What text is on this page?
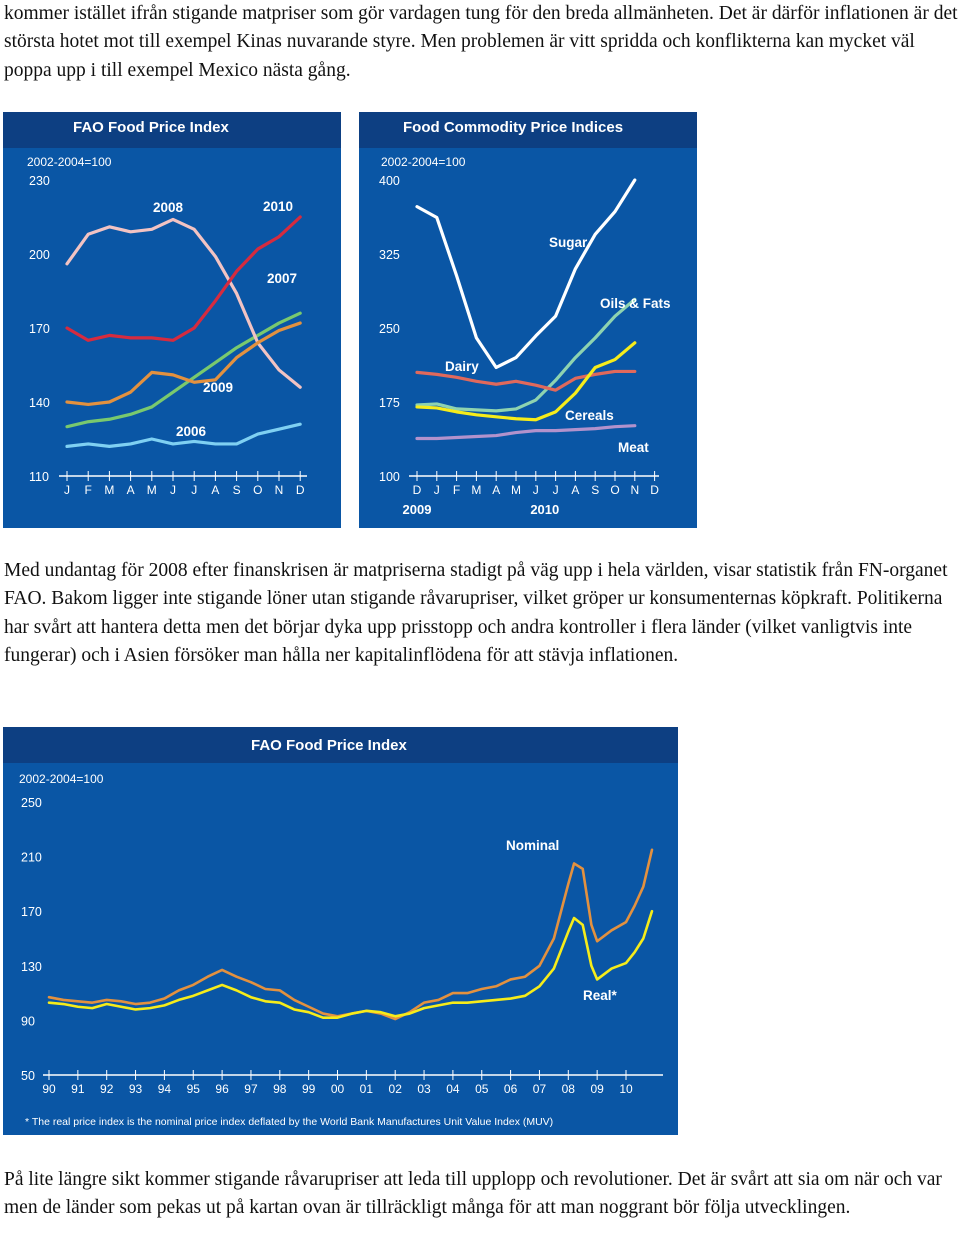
kommer istället ifrån stigande matpriser som gör vardagen tung för den breda allmänheten. Det är därför inflationen är det största hotet mot till exempel Kinas nuvarande styre. Men problemen är vitt spridda och konflikterna kan mycket väl poppa upp i till exempel Mexico nästa gång.

FAO Food Price Index
2002-2004=100
110
140
170
200
230
J F M A M J J A S O N D
2008	2010
2007
2009
2006
Food Commodity Price Indices
2002-2004=100
100
175
250
325
400
D J F M A M J J A S O N D
2009	2010
Sugar
Oils & Fats
Dairy
Cereals
Meat

Med undantag för 2008 efter finanskrisen är matpriserna stadigt på väg upp i hela världen, visar statistik från FN-organet FAO. Bakom ligger inte stigande löner utan stigande råvarupriser, vilket gröper ur konsumenternas köpkraft. Politikerna har svårt att hantera detta men det börjar dyka upp prisstopp och andra kontroller i flera länder (vilket vanligtvis inte fungerar) och i Asien försöker man hålla ner kapitalinflödena för att stävja inflationen.

FAO Food Price Index
2002-2004=100
* The real price index is the nominal price index deflated by the World Bank Manufactures Unit Value Index (MUV)
50
90
130
170
210
250
90 91 92 93 94 95 96 97 98 99 00 01 02 03 04 05 06 07 08 09 10
Nominal
Real*

På lite längre sikt kommer stigande råvarupriser att leda till upplopp och revolutioner. Det är svårt att sia om när och var men de länder som pekas ut på kartan ovan är tillräckligt många för att man noggrant bör följa utvecklingen.
